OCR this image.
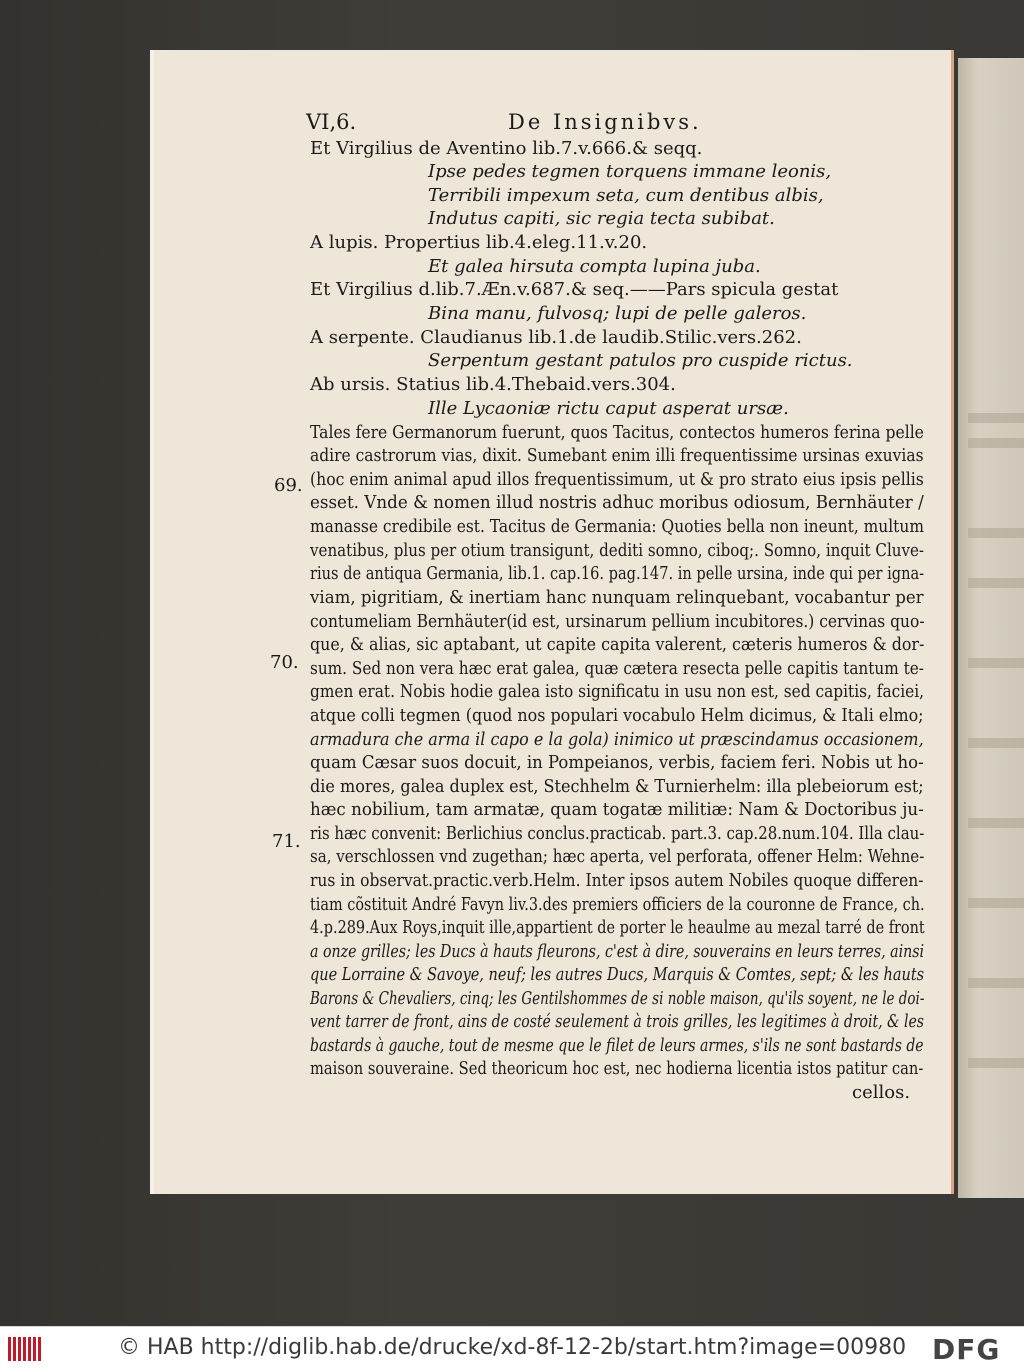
VI,6.	De Insignibvs.
Et Virgilius de Aventino lib.7.v.666.& seqq.
Ipse pedes tegmen torquens immane leonis,
Terribili impexum seta, cum dentibus albis,
Indutus capiti, sic regia tecta subibat.
A lupis. Propertius lib.4.eleg.11.v.20.
Et galea hirsuta compta lupina juba.
Et Virgilius d.lib.7.Æn.v.687.& seq.——Pars spicula gestat
Bina manu, fulvosq; lupi de pelle galeros.
A serpente. Claudianus lib.1.de laudib.Stilic.vers.262.
Serpentum gestant patulos pro cuspide rictus.
Ab ursis. Statius lib.4.Thebaid.vers.304.
Ille Lycaoniæ rictu caput asperat ursæ.
Tales fere Germanorum fuerunt, quos Tacitus, contectos humeros ferina pelle
adire castrorum vias, dixit. Sumebant enim illi frequentissime ursinas exuvias
(hoc enim animal apud illos frequentissimum, ut & pro strato eius ipsis pellis
esset. Vnde & nomen illud nostris adhuc moribus odiosum, Bernhäuter /
manasse credibile est. Tacitus de Germania: Quoties bella non ineunt, multum
venatibus, plus per otium transigunt, dediti somno, ciboq;. Somno, inquit Cluve-
rius de antiqua Germania, lib.1. cap.16. pag.147. in pelle ursina, inde qui per igna-
viam, pigritiam, & inertiam hanc nunquam relinquebant, vocabantur per
contumeliam Bernhäuter(id est, ursinarum pellium incubitores.) cervinas quo-
que, & alias, sic aptabant, ut capite capita valerent, cæteris humeros & dor-
sum. Sed non vera hæc erat galea, quæ cætera resecta pelle capitis tantum te-
gmen erat. Nobis hodie galea isto significatu in usu non est, sed capitis, faciei,
atque colli tegmen (quod nos populari vocabulo Helm dicimus, & Itali elmo;
armadura che arma il capo e la gola) inimico ut præscindamus occasionem,
quam Cæsar suos docuit, in Pompeianos, verbis, faciem feri. Nobis ut ho-
die mores, galea duplex est, Stechhelm & Turnierhelm: illa plebeiorum est;
hæc nobilium, tam armatæ, quam togatæ militiæ: Nam & Doctoribus ju-
ris hæc convenit: Berlichius conclus.practicab. part.3. cap.28.num.104. Illa clau-
sa, verschlossen vnd zugethan; hæc aperta, vel perforata, offener Helm: Wehne-
rus in observat.practic.verb.Helm. Inter ipsos autem Nobiles quoque differen-
tiam cõstituit André Favyn liv.3.des premiers officiers de la couronne de France, ch.
4.p.289.Aux Roys,inquit ille,appartient de porter le heaulme au mezal tarré de front
a onze grilles; les Ducs à hauts fleurons, c'est à dire, souverains en leurs terres, ainsi
que Lorraine & Savoye, neuf; les autres Ducs, Marquis & Comtes, sept; & les hauts
Barons & Chevaliers, cinq; les Gentilshommes de si noble maison, qu'ils soyent, ne le doi-
vent tarrer de front, ains de costé seulement à trois grilles, les legitimes à droit, & les
bastards à gauche, tout de mesme que le filet de leurs armes, s'ils ne sont bastards de
maison souveraine. Sed theoricum hoc est, nec hodierna licentia istos patitur can-
cellos.
69.
70.
71.
© HAB http://diglib.hab.de/drucke/xd-8f-12-2b/start.htm?image=00980 DFG
